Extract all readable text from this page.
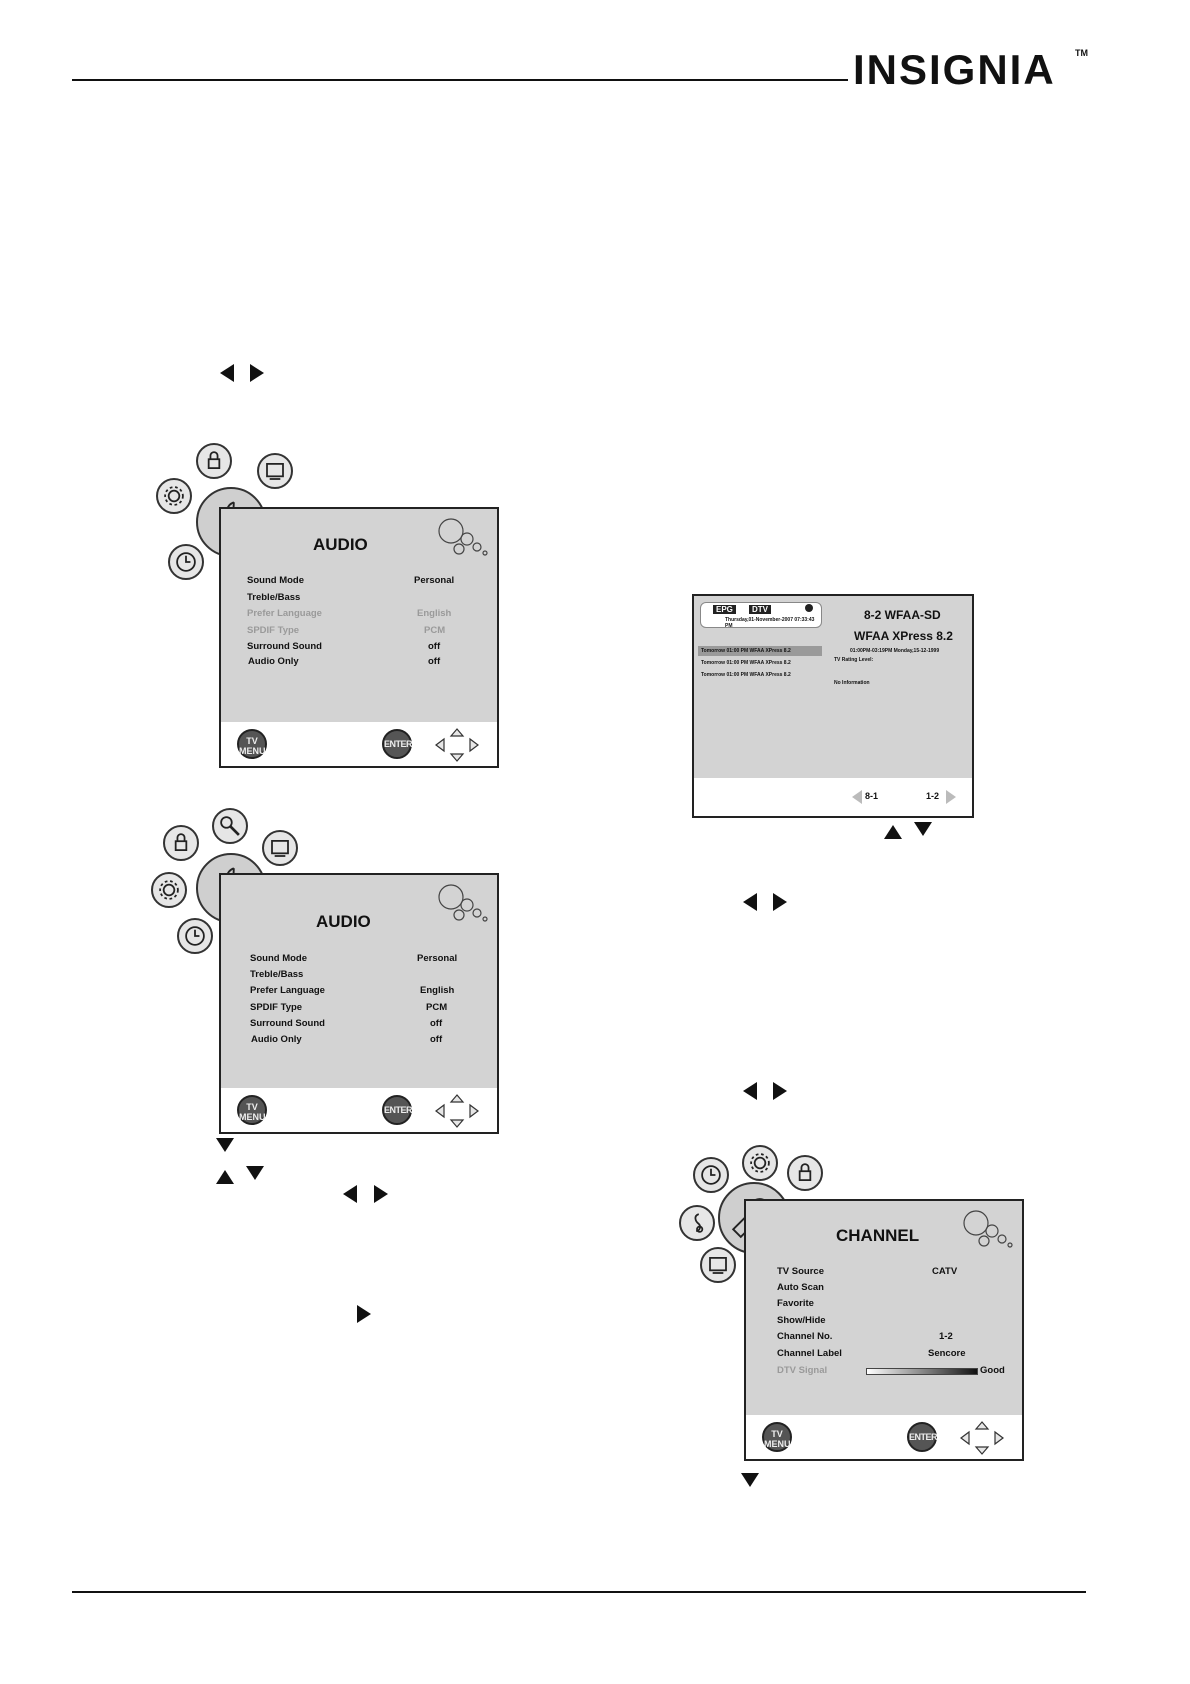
INSIGNIA TM
AUDIO
Sound Mode	Personal
Treble/Bass
Prefer Language	English
SPDIF Type	PCM
Surround Sound	off
Audio Only	off
TV
MENU
ENTER
AUDIO
Sound Mode	Personal
Treble/Bass
Prefer Language	English
SPDIF Type	PCM
Surround Sound	off
Audio Only	off
TV
MENU
ENTER
EPG	DTV
Thursday,01-November-2007 07:33:43 PM
8-2 WFAA-SD
WFAA XPress 8.2
01:00PM-03:19PM Monday,15-12-1999
TV Rating Level:
No Information
Tomorrow 01:00 PM WFAA XPress 8.2
Tomorrow 01:00 PM WFAA XPress 8.2
Tomorrow 01:00 PM WFAA XPress 8.2
8-1	1-2
CHANNEL
TV Source	CATV
Auto Scan
Favorite
Show/Hide
Channel No.	1-2
Channel Label	Sencore
DTV Signal	Good
TV
MENU
ENTER
